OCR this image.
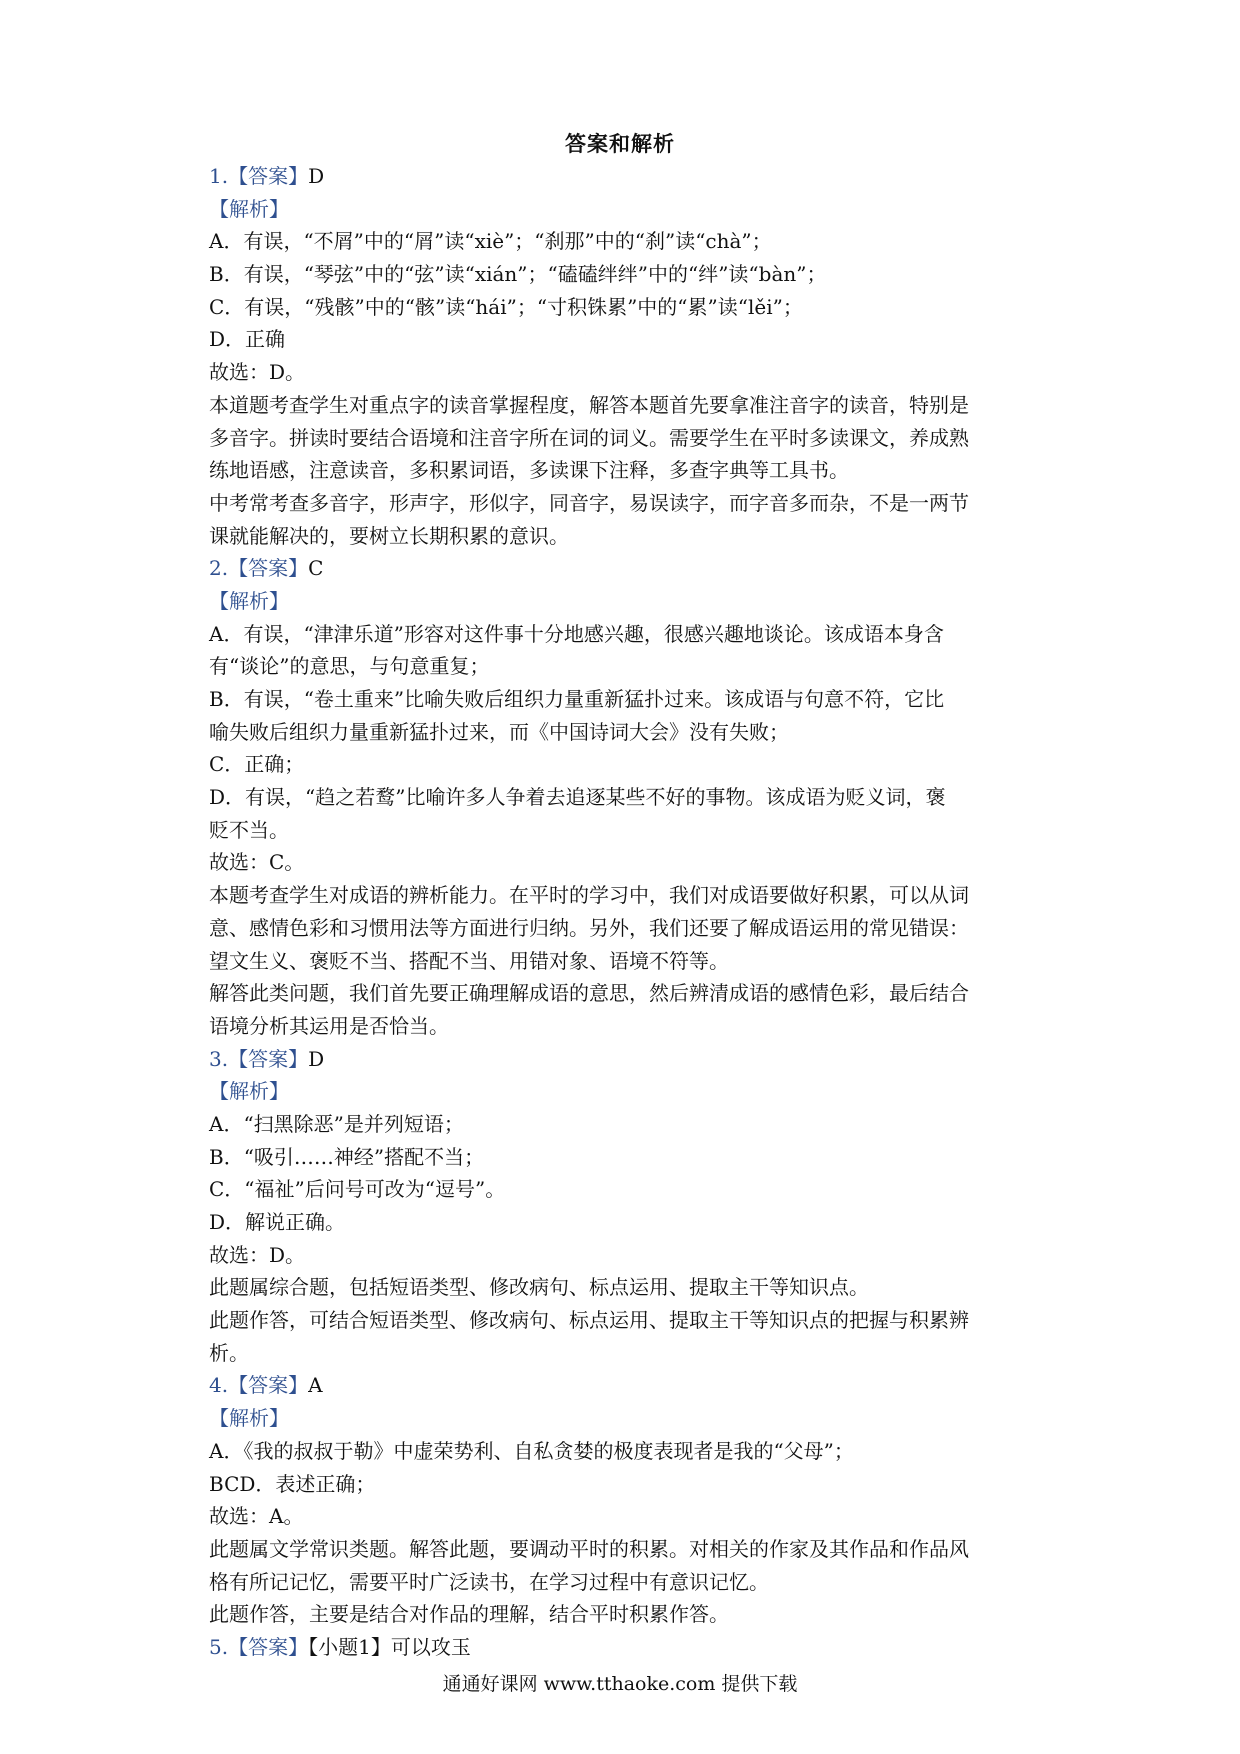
答案和解析
1.【答案】D
【解析】
A．有误，“不屑”中的“屑”读“xiè”；“刹那”中的“刹”读“chà”；
B．有误，“琴弦”中的“弦”读“xián”；“磕磕绊绊”中的“绊”读“bàn”；
C．有误，“残骸”中的“骸”读“hái”；“寸积铢累”中的“累”读“lěi”；
D．正确
故选：D。
本道题考查学生对重点字的读音掌握程度，解答本题首先要拿准注音字的读音，特别是
多音字。拼读时要结合语境和注音字所在词的词义。需要学生在平时多读课文，养成熟
练地语感，注意读音，多积累词语，多读课下注释，多查字典等工具书。
中考常考查多音字，形声字，形似字，同音字，易误读字，而字音多而杂，不是一两节
课就能解决的，要树立长期积累的意识。
2.【答案】C
【解析】
A．有误，“津津乐道”形容对这件事十分地感兴趣，很感兴趣地谈论。该成语本身含
有“谈论”的意思，与句意重复；
B．有误，“卷土重来”比喻失败后组织力量重新猛扑过来。该成语与句意不符，它比
喻失败后组织力量重新猛扑过来，而《中国诗词大会》没有失败；
C．正确；
D．有误，“趋之若鹜”比喻许多人争着去追逐某些不好的事物。该成语为贬义词，褒
贬不当。
故选：C。
本题考查学生对成语的辨析能力。在平时的学习中，我们对成语要做好积累，可以从词
意、感情色彩和习惯用法等方面进行归纳。另外，我们还要了解成语运用的常见错误：
望文生义、褒贬不当、搭配不当、用错对象、语境不符等。
解答此类问题，我们首先要正确理解成语的意思，然后辨清成语的感情色彩，最后结合
语境分析其运用是否恰当。
3.【答案】D
【解析】
A．“扫黑除恶”是并列短语；
B．“吸引……神经”搭配不当；
C．“福祉”后问号可改为“逗号”。
D．解说正确。
故选：D。
此题属综合题，包括短语类型、修改病句、标点运用、提取主干等知识点。
此题作答，可结合短语类型、修改病句、标点运用、提取主干等知识点的把握与积累辨
析。
4.【答案】A
【解析】
A．《我的叔叔于勒》中虚荣势利、自私贪婪的极度表现者是我的“父母”；
BCD．表述正确；
故选：A。
此题属文学常识类题。解答此题，要调动平时的积累。对相关的作家及其作品和作品风
格有所记记忆，需要平时广泛读书，在学习过程中有意识记忆。
此题作答，主要是结合对作品的理解，结合平时积累作答。
5.【答案】【小题1】可以攻玉
通通好课网 www.tthaoke.com 提供下载
